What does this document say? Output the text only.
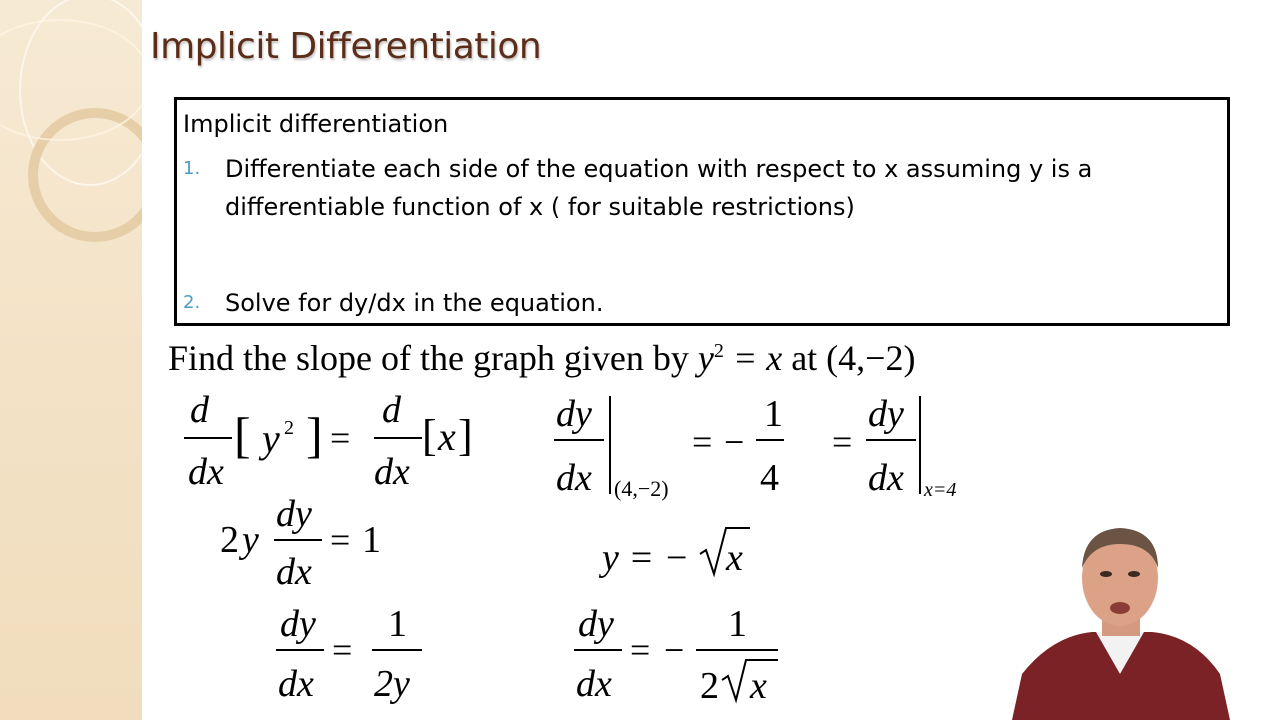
Implicit Differentiation
Implicit differentiation
1. Differentiate each side of the equation with respect to x assuming y is a differentiable function of x ( for suitable restrictions)
2. Solve for dy/dx in the equation.
Find the slope of the graph given by $y^2 = x$ at (4,−2)
d
dx
[ y 2 ] =
d
dx
[ x ]
2 y
dy
dx
= 1
dy
dx
=
1
2y
dy
dx (4,−2)
= −
1
4
=
dy
dx x=4
y = − x
dy
dx
= −
1
2 x
